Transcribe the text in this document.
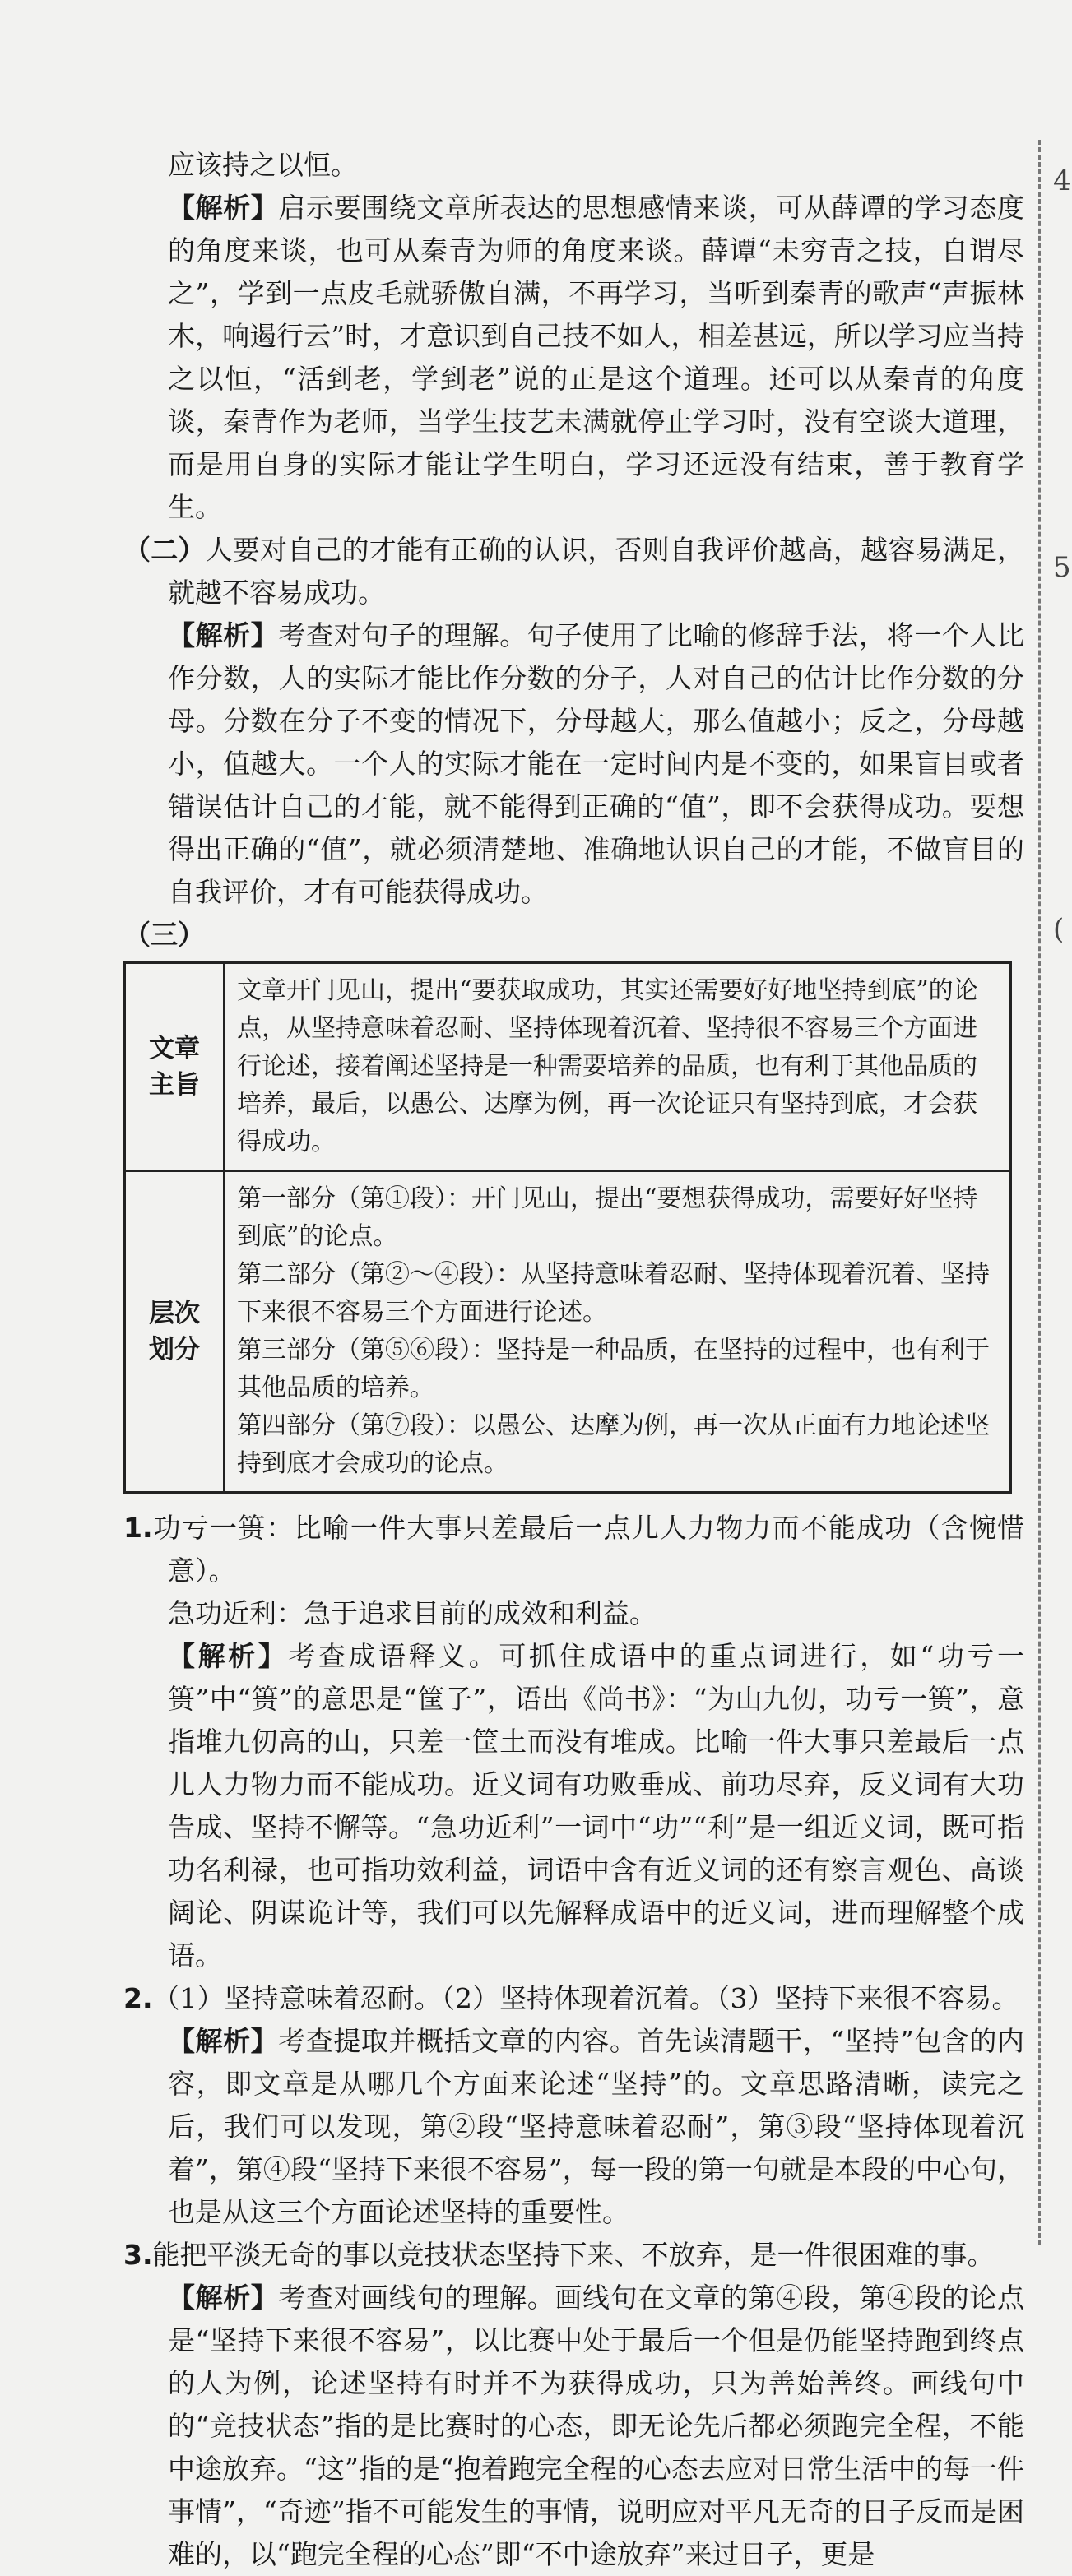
4
5
(

应该持之以恒。

【解析】启示要围绕文章所表达的思想感情来谈，可从薛谭的学习态度的角度来谈，也可从秦青为师的角度来谈。薛谭“未穷青之技，自谓尽之”，学到一点皮毛就骄傲自满，不再学习，当听到秦青的歌声“声振林木，响遏行云”时，才意识到自己技不如人，相差甚远，所以学习应当持之以恒，“活到老，学到老”说的正是这个道理。还可以从秦青的角度谈，秦青作为老师，当学生技艺未满就停止学习时，没有空谈大道理，而是用自身的实际才能让学生明白，学习还远没有结束，善于教育学生。

（二）人要对自己的才能有正确的认识，否则自我评价越高，越容易满足，就越不容易成功。

【解析】考查对句子的理解。句子使用了比喻的修辞手法，将一个人比作分数，人的实际才能比作分数的分子，人对自己的估计比作分数的分母。分数在分子不变的情况下，分母越大，那么值越小；反之，分母越小，值越大。一个人的实际才能在一定时间内是不变的，如果盲目或者错误估计自己的才能，就不能得到正确的“值”，即不会获得成功。要想得出正确的“值”，就必须清楚地、准确地认识自己的才能，不做盲目的自我评价，才有可能获得成功。

（三）

文章
主旨	文章开门见山，提出“要获取成功，其实还需要好好地坚持到底”的论点，从坚持意味着忍耐、坚持体现着沉着、坚持很不容易三个方面进行论述，接着阐述坚持是一种需要培养的品质，也有利于其他品质的培养，最后，以愚公、达摩为例，再一次论证只有坚持到底，才会获得成功。

层次
划分	第一部分（第①段）：开门见山，提出“要想获得成功，需要好好坚持到底”的论点。
第二部分（第②～④段）：从坚持意味着忍耐、坚持体现着沉着、坚持下来很不容易三个方面进行论述。
第三部分（第⑤⑥段）：坚持是一种品质，在坚持的过程中，也有利于其他品质的培养。
第四部分（第⑦段）：以愚公、达摩为例，再一次从正面有力地论述坚持到底才会成功的论点。

1.功亏一篑：比喻一件大事只差最后一点儿人力物力而不能成功（含惋惜意）。

急功近利：急于追求目前的成效和利益。

【解析】考查成语释义。可抓住成语中的重点词进行，如“功亏一篑”中“篑”的意思是“筐子”，语出《尚书》：“为山九仞，功亏一篑”，意指堆九仞高的山，只差一筐土而没有堆成。比喻一件大事只差最后一点儿人力物力而不能成功。近义词有功败垂成、前功尽弃，反义词有大功告成、坚持不懈等。“急功近利”一词中“功”“利”是一组近义词，既可指功名利禄，也可指功效利益，词语中含有近义词的还有察言观色、高谈阔论、阴谋诡计等，我们可以先解释成语中的近义词，进而理解整个成语。

2.（1）坚持意味着忍耐。（2）坚持体现着沉着。（3）坚持下来很不容易。

【解析】考查提取并概括文章的内容。首先读清题干，“坚持”包含的内容，即文章是从哪几个方面来论述“坚持”的。文章思路清晰，读完之后，我们可以发现，第②段“坚持意味着忍耐”，第③段“坚持体现着沉着”，第④段“坚持下来很不容易”，每一段的第一句就是本段的中心句，也是从这三个方面论述坚持的重要性。

3.能把平淡无奇的事以竞技状态坚持下来、不放弃，是一件很困难的事。

【解析】考查对画线句的理解。画线句在文章的第④段，第④段的论点是“坚持下来很不容易”，以比赛中处于最后一个但是仍能坚持跑到终点的人为例，论述坚持有时并不为获得成功，只为善始善终。画线句中的“竞技状态”指的是比赛时的心态，即无论先后都必须跑完全程，不能中途放弃。“这”指的是“抱着跑完全程的心态去应对日常生活中的每一件事情”，“奇迹”指不可能发生的事情，说明应对平凡无奇的日子反而是困难的，以“跑完全程的心态”即“不中途放弃”来过日子，更是
